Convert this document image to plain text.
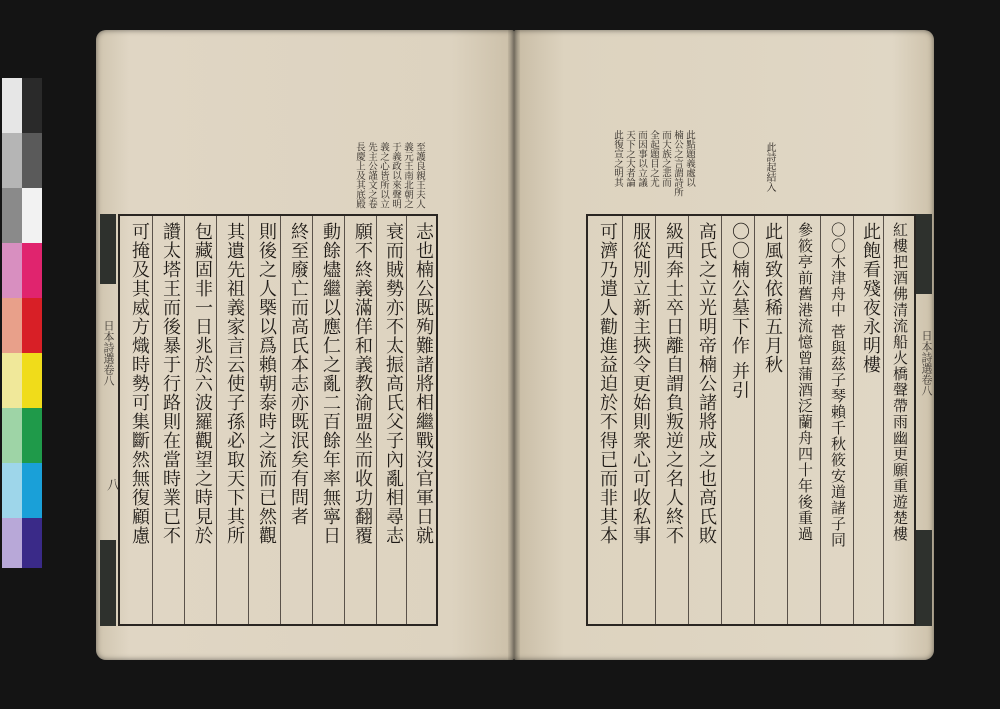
日本詩選卷八
八
至護良親王夫人
義元王南北朝之
于義政以來聲明
義之心皆所以立
先主公謹文之卷
長慶上及其底殿
可掩及其威方熾時勢可集斷然無復顧慮 讚太塔王而後暴于行路則在當時業已不 包藏固非一日兆於六波羅觀望之時見於 其遺先祖義家言云使子孫必取天下其所 則後之人槩以爲賴朝泰時之流而已然觀 終至廢亡而高氏本志亦既泯矣有問者 動餘燼繼以應仁之亂二百餘年率無寧日 願不終義滿佯和義教渝盟坐而收功翻覆 衰而賊勢亦不太振高氏父子內亂相尋志 志也楠公既殉難諸將相繼戰沒官軍日就
此詩起結入
此點題義處以
楠公之言謂詩所
而大族之悲而
全起題目之尤
而因事以立議
天下之大者論
此復宣之明其
日本詩選卷八
可濟乃遣人勸進益迫於不得已而非其本 服從別立新主挾令更始則衆心可收私事 級西奔士卒日離自謂負叛逆之名人終不 高氏之立光明帝楠公諸將成之也高氏敗 〇〇楠公墓下作 并引 此風致依稀五月秋 參筱亭前舊港流憶曾蒲酒泛蘭舟四十年後重過	〇〇木津舟中 菅與茲子琴賴千秋筱安道諸子同 此飽看殘夜永明樓 紅樓把酒佛清流船火橋聲帶雨幽更願重遊楚樓
